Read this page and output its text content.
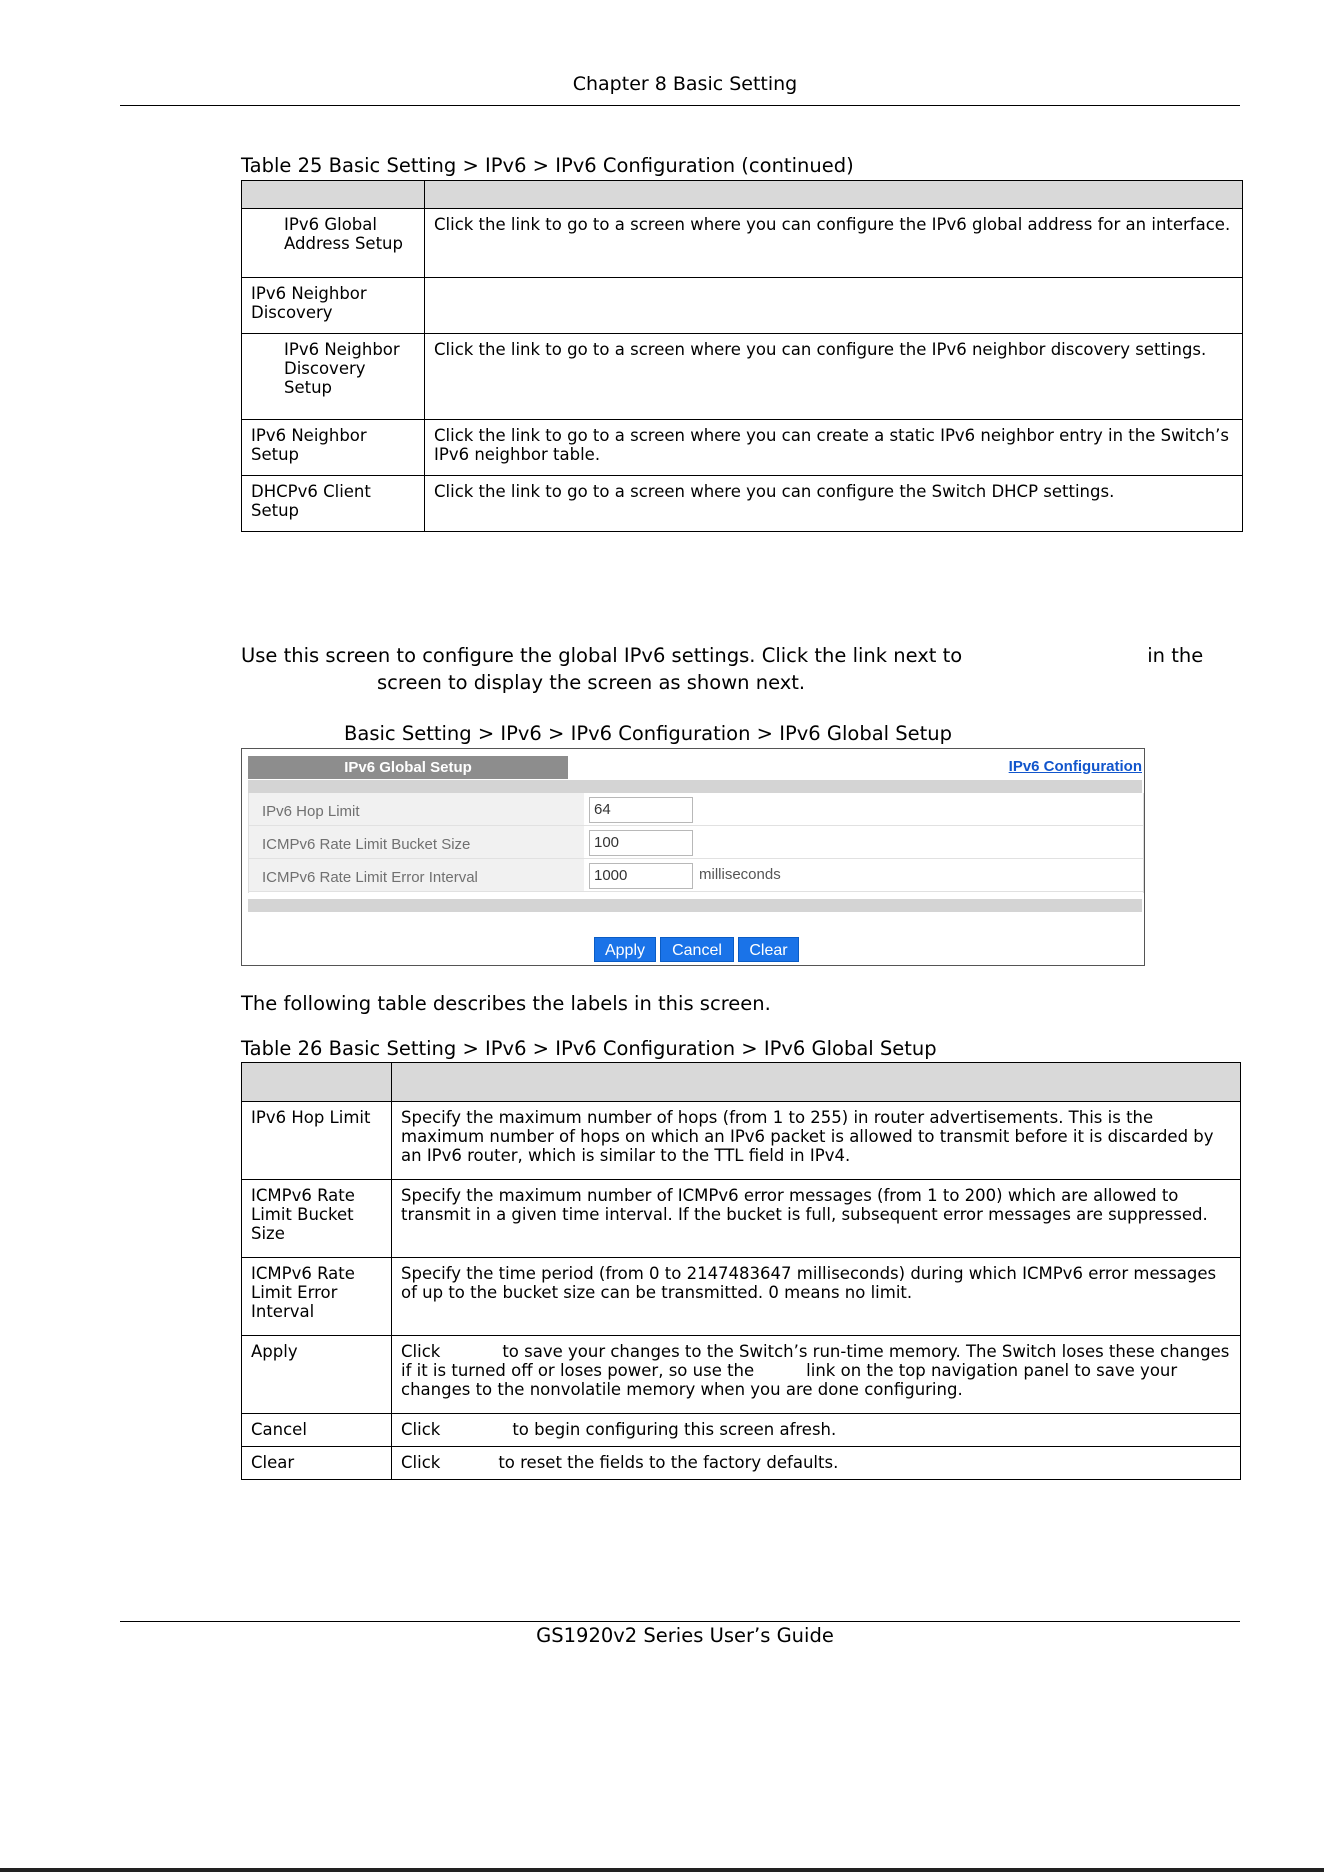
Chapter 8 Basic Setting
Table 25 Basic Setting > IPv6 > IPv6 Configuration (continued)

IPv6 Global Address Setup	Click the link to go to a screen where you can configure the IPv6 global address for an interface.
IPv6 Neighbor Discovery	
IPv6 Neighbor Discovery Setup	Click the link to go to a screen where you can configure the IPv6 neighbor discovery settings.
IPv6 Neighbor Setup	Click the link to go to a screen where you can create a static IPv6 neighbor entry in the Switch’s IPv6 neighbor table.
DHCPv6 Client Setup	Click the link to go to a screen where you can configure the Switch DHCP settings.
Use this screen to configure the global IPv6 settings. Click the link next to	in the
screen to display the screen as shown next.
Basic Setting > IPv6 > IPv6 Configuration > IPv6 Global Setup
IPv6 Global Setup	IPv6 Configuration
IPv6 Hop Limit	64
ICMPv6 Rate Limit Bucket Size	100
ICMPv6 Rate Limit Error Interval	1000	milliseconds
Apply	Cancel	Clear
The following table describes the labels in this screen.
Table 26 Basic Setting > IPv6 > IPv6 Configuration > IPv6 Global Setup

IPv6 Hop Limit	Specify the maximum number of hops (from 1 to 255) in router advertisements. This is the maximum number of hops on which an IPv6 packet is allowed to transmit before it is discarded by an IPv6 router, which is similar to the TTL field in IPv4.
ICMPv6 Rate Limit Bucket Size	Specify the maximum number of ICMPv6 error messages (from 1 to 200) which are allowed to transmit in a given time interval. If the bucket is full, subsequent error messages are suppressed.
ICMPv6 Rate Limit Error Interval	Specify the time period (from 0 to 2147483647 milliseconds) during which ICMPv6 error messages of up to the bucket size can be transmitted. 0 means no limit.
Apply	Click to save your changes to the Switch’s run-time memory. The Switch loses these changes if it is turned off or loses power, so use the link on the top navigation panel to save your changes to the nonvolatile memory when you are done configuring.
Cancel	Click to begin configuring this screen afresh.
Clear	Click to reset the fields to the factory defaults.
GS1920v2 Series User’s Guide
